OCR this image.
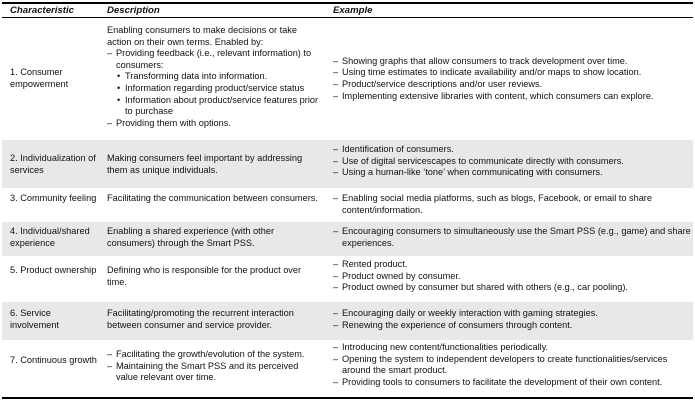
Characteristic	Description	Example
1. Consumer empowerment
Enabling consumers to make decisions or take action on their own terms. Enabled by:
– Providing feedback (i.e., relevant information) to consumers:
• Transforming data into information.
• Information regarding product/service status
• Information about product/service features prior to purchase
– Providing them with options.
– Showing graphs that allow consumers to track development over time.
– Using time estimates to indicate availability and/or maps to show location.
– Product/service descriptions and/or user reviews.
– Implementing extensive libraries with content, which consumers can explore.
2. Individualization of services
Making consumers feel important by addressing them as unique individuals.
– Identification of consumers.
– Use of digital servicescapes to communicate directly with consumers.
– Using a human-like ‘tone’ when communicating with consumers.
3. Community feeling	Facilitating the communication between consumers.
–	Enabling social media platforms, such as blogs, Facebook, or email to share content/information.
4. Individual/shared experience
Enabling a shared experience (with other consumers) through the Smart PSS.
– Encouraging consumers to simultaneously use the Smart PSS (e.g., game) and share experiences.
5. Product ownership	Defining who is responsible for the product over time.
– Rented product.
– Product owned by consumer.
– Product owned by consumer but shared with others (e.g., car pooling).
6. Service involvement
Facilitating/promoting the recurrent interaction between consumer and service provider.
– Encouraging daily or weekly interaction with gaming strategies.
– Renewing the experience of consumers through content.
7. Continuous growth
– Facilitating the growth/evolution of the system.
– Maintaining the Smart PSS and its perceived value relevant over time.
– Introducing new content/functionalities periodically.
– Opening the system to independent developers to create functionalities/services around the smart product.
– Providing tools to consumers to facilitate the development of their own content.
